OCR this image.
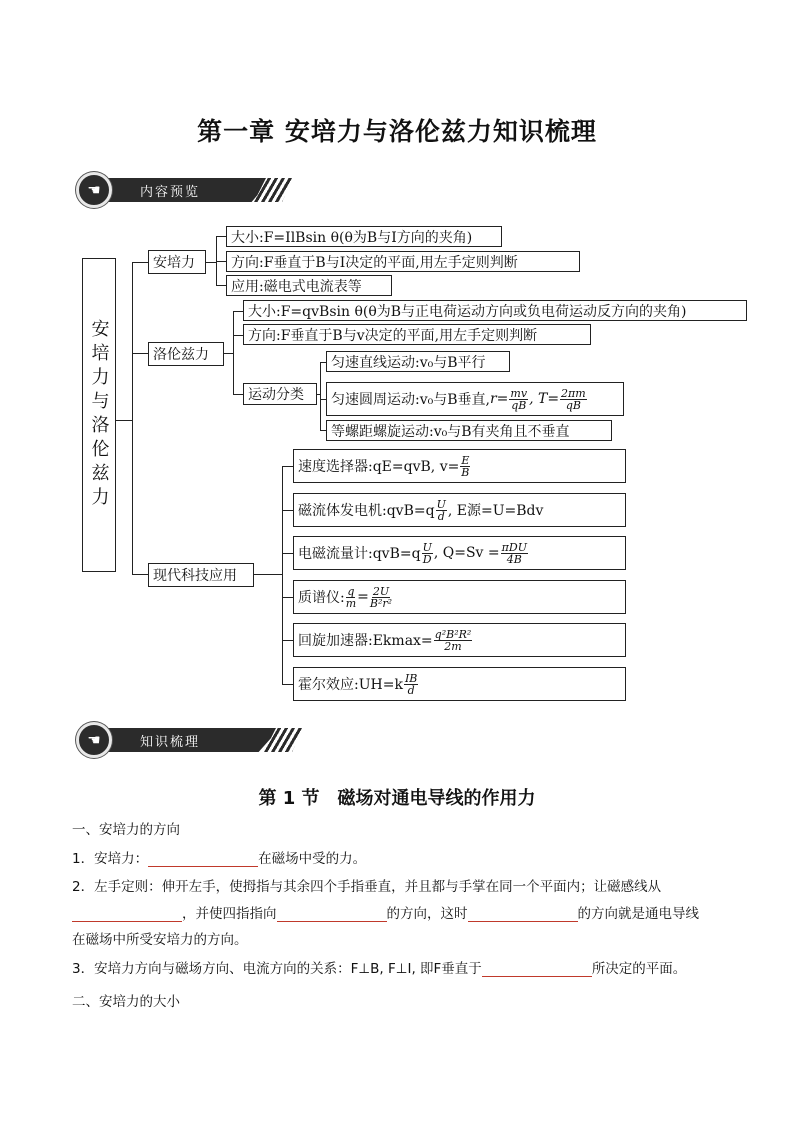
第一章 安培力与洛伦兹力知识梳理
☚	内容预览
安培力与洛伦兹力
安培力
大小:F=IlBsin θ(θ为B与I方向的夹角)
方向:F垂直于B与I决定的平面,用左手定则判断
应用:磁电式电流表等
洛伦兹力
大小:F=qvBsin θ(θ为B与正电荷运动方向或负电荷运动反方向的夹角)
方向:F垂直于B与v决定的平面,用左手定则判断
运动分类
匀速直线运动:v₀与B平行
匀速圆周运动:v₀与B垂直, $r= \frac{mv}{qB}$ , $T= \frac{2\pi m}{qB}$
等螺距螺旋运动:v₀与B有夹角且不垂直
现代科技应用
速度选择器:qE=qvB, $v= \frac{E}{B}$
磁流体发电机:qvB=q $\frac{U}{d}$ , E源=U=Bdv
电磁流量计:qvB=q $\frac{U}{D}$ , $Q=Sv = \frac{\text{πDU}}{4B}$
质谱仪: $\frac{q}{m} = \frac{2U}{\text{B²r²}}$
回旋加速器:Ekmax= $\frac{\text{q²B²R²}}{2m}$
霍尔效应:UH=k $\frac{IB}{d}$
☚	知识梳理
第 1 节　磁场对通电导线的作用力
一、安培力的方向
1．安培力：	在磁场中受的力。
2．左手定则：伸开左手，使拇指与其余四个手指垂直，并且都与手掌在同一个平面内；让磁感线从
，并使四指指向	的方向，这时	的方向就是通电导线
在磁场中所受安培力的方向。
3．安培力方向与磁场方向、电流方向的关系：F⊥B, F⊥I, 即F垂直于	所决定的平面。
二、安培力的大小
